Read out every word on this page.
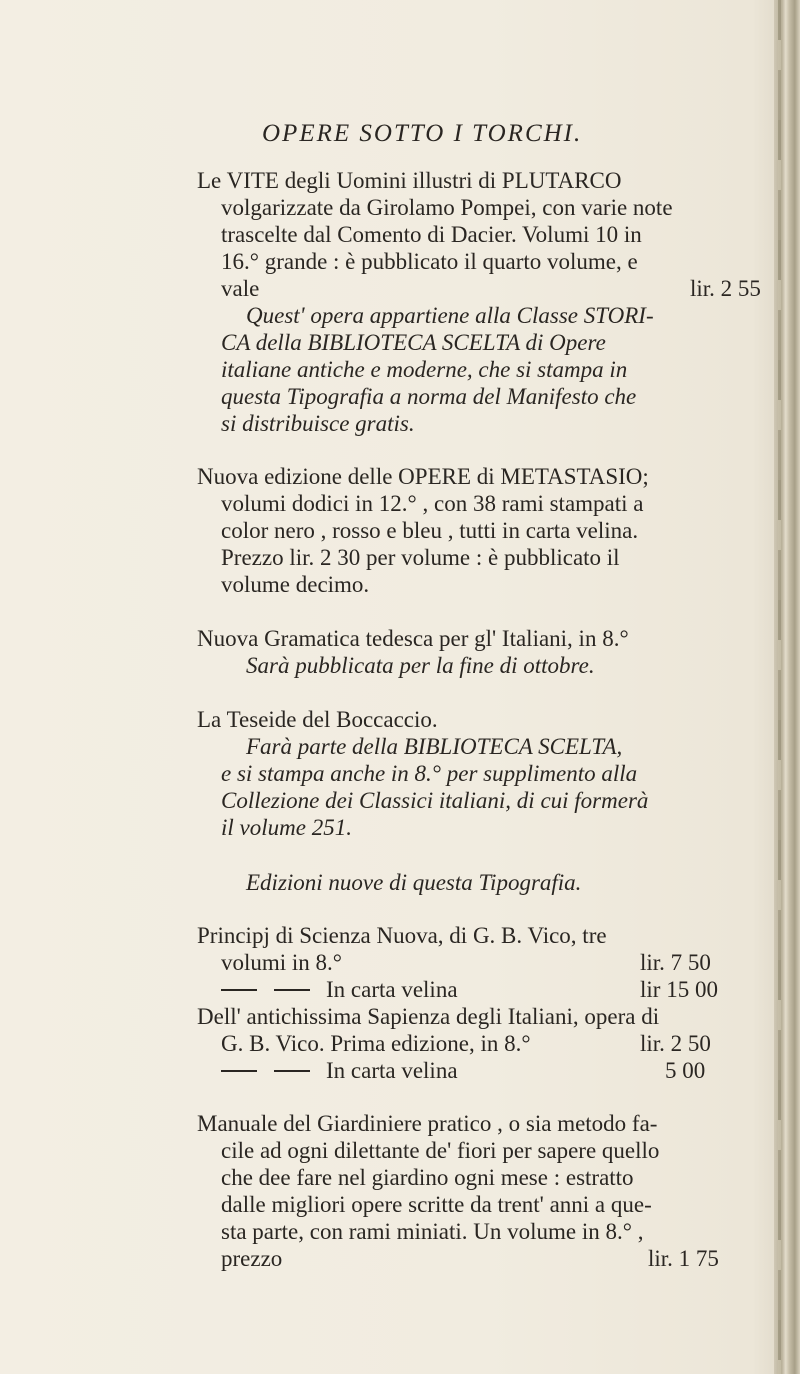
OPERE SOTTO I TORCHI.
Le VITE degli Uomini illustri di PLUTARCO
volgarizzate da Girolamo Pompei, con varie note
trascelte dal Comento di Dacier. Volumi 10 in
16.° grande : è pubblicato il quarto volume, e
vale	lir. 2 55
Quest' opera appartiene alla Classe STORI-
CA della BIBLIOTECA SCELTA di Opere
italiane antiche e moderne, che si stampa in
questa Tipografia a norma del Manifesto che
si distribuisce gratis.
Nuova edizione delle OPERE di METASTASIO;
volumi dodici in 12.° , con 38 rami stampati a
color nero , rosso e bleu , tutti in carta velina.
Prezzo lir. 2 30 per volume : è pubblicato il
volume decimo.
Nuova Gramatica tedesca per gl' Italiani, in 8.°
Sarà pubblicata per la fine di ottobre.
La Teseide del Boccaccio.
Farà parte della BIBLIOTECA SCELTA,
e si stampa anche in 8.° per supplimento alla
Collezione dei Classici italiani, di cui formerà
il volume 251.
Edizioni nuove di questa Tipografia.
Principj di Scienza Nuova, di G. B. Vico, tre
volumi in 8.°	lir. 7 50
In carta velina	lir 15 00
Dell' antichissima Sapienza degli Italiani, opera di
G. B. Vico. Prima edizione, in 8.°	lir. 2 50
In carta velina	5 00
Manuale del Giardiniere pratico , o sia metodo fa-
cile ad ogni dilettante de' fiori per sapere quello
che dee fare nel giardino ogni mese : estratto
dalle migliori opere scritte da trent' anni a que-
sta parte, con rami miniati. Un volume in 8.° ,
prezzo	lir. 1 75
